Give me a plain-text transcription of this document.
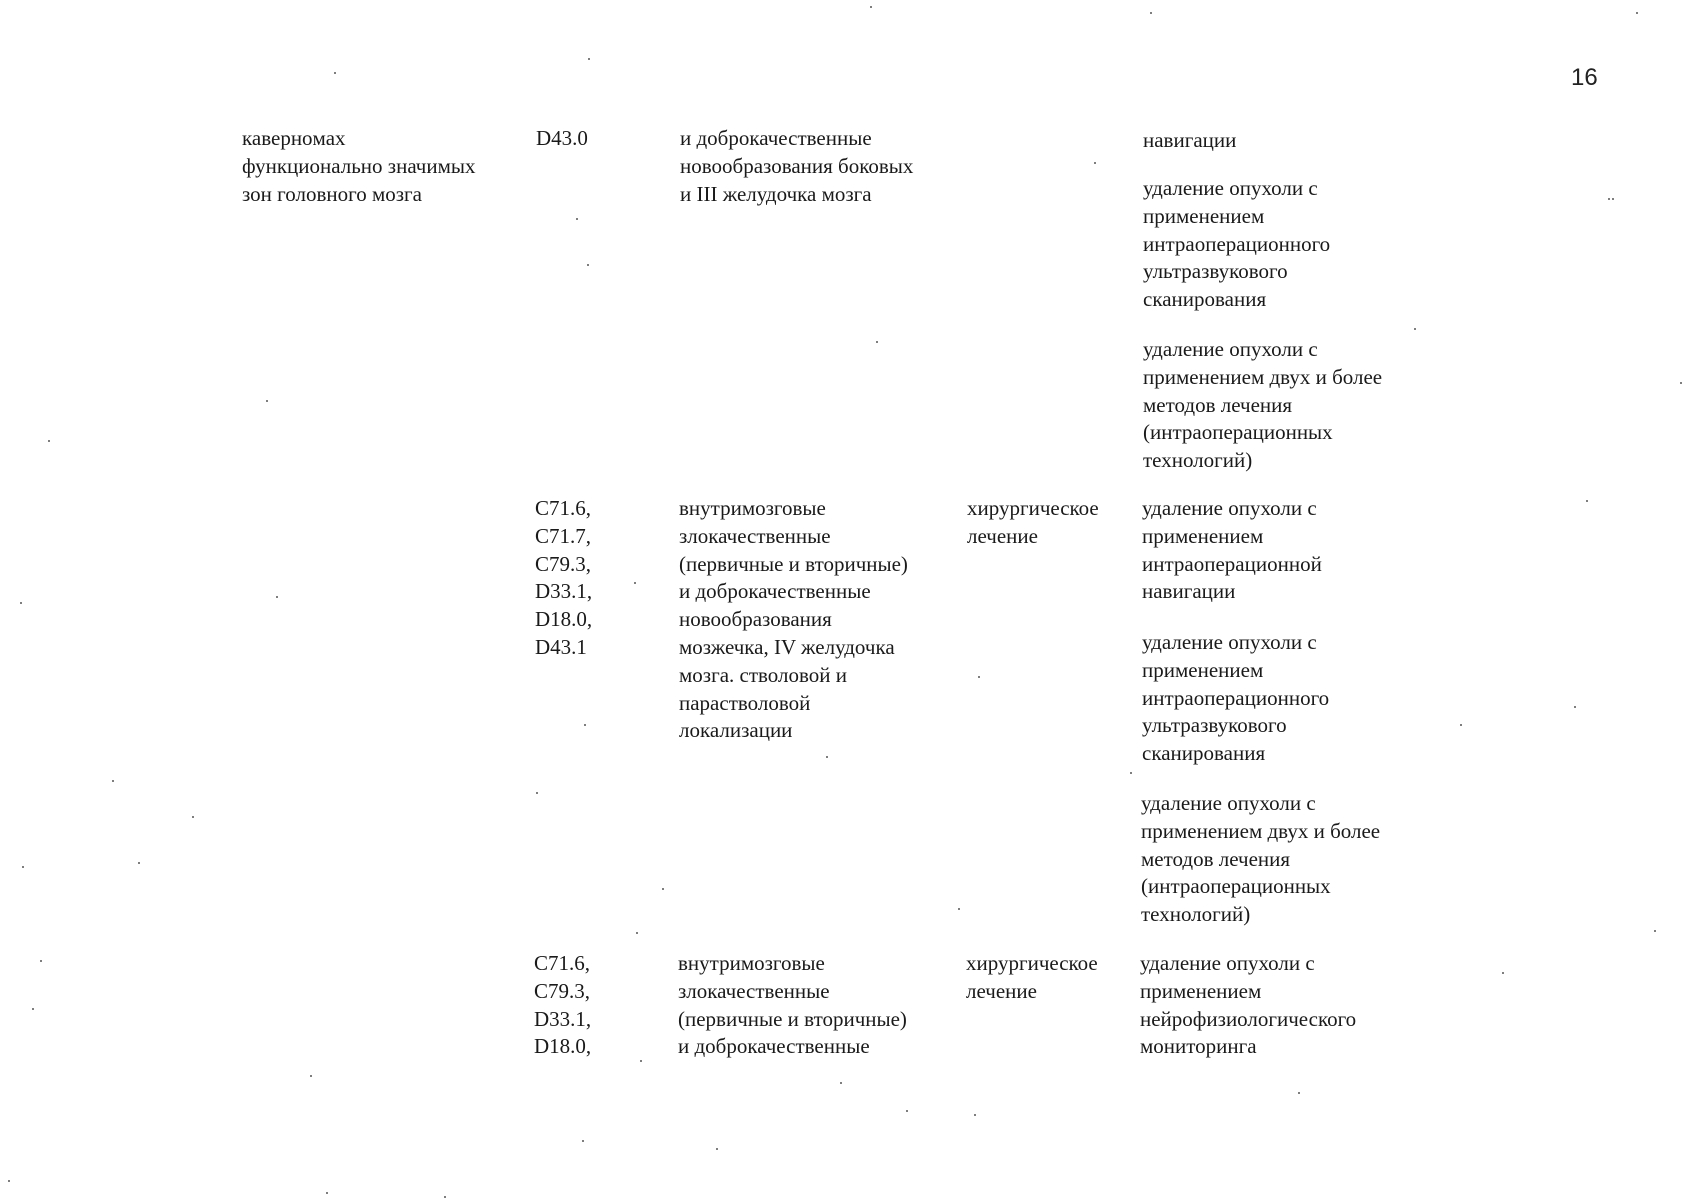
16
кавернoмах
функционально значимых
зон головного мозга
D43.0	и доброкачественные
новообразования боковых
и III желудочка мозга
навигации
удаление опухоли с
применением
интраоперационного
ультразвукового
сканирования
удаление опухоли с
применением двух и более
методов лечения
(интраоперационных
технологий)
C71.6,
C71.7,
C79.3,
D33.1,
D18.0,
D43.1
внутримозговые
злокачественные
(первичные и вторичные)
и доброкачественные
новообразования
мозжечка, IV желудочка
мозга. стволовой и
парастволовой
локализации
хирургическое
лечение
удаление опухоли с
применением
интраоперационной
навигации
удаление опухоли с
применением
интраоперационного
ультразвукового
сканирования
удаление опухоли с
применением двух и более
методов лечения
(интраоперационных
технологий)
C71.6,
C79.3,
D33.1,
D18.0,
внутримозговые
злокачественные
(первичные и вторичные)
и доброкачественные
хирургическое
лечение
удаление опухоли с
применением
нейрофизиологического
мониторинга
